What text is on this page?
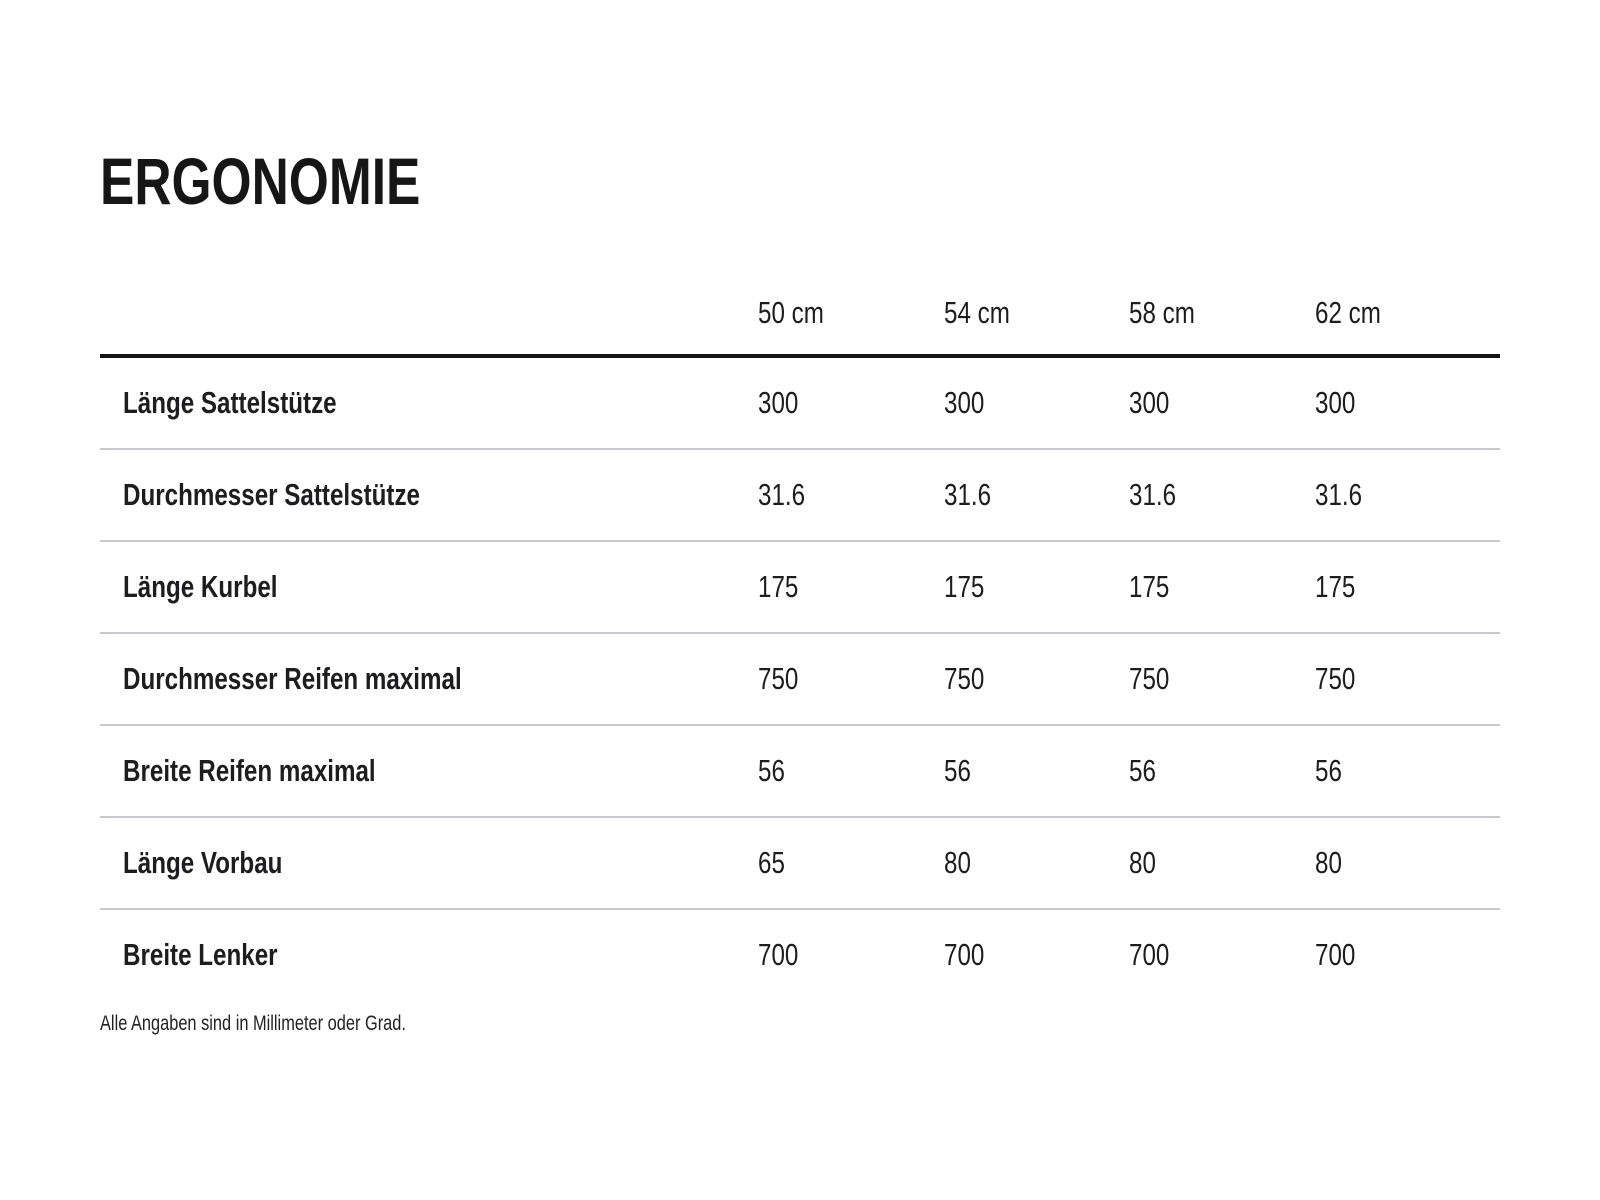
ERGONOMIE
	50 cm	54 cm	58 cm	62 cm
Länge Sattelstütze	300	300	300	300
Durchmesser Sattelstütze	31.6	31.6	31.6	31.6
Länge Kurbel	175	175	175	175
Durchmesser Reifen maximal	750	750	750	750
Breite Reifen maximal	56	56	56	56
Länge Vorbau	65	80	80	80
Breite Lenker	700	700	700	700

Alle Angaben sind in Millimeter oder Grad.
